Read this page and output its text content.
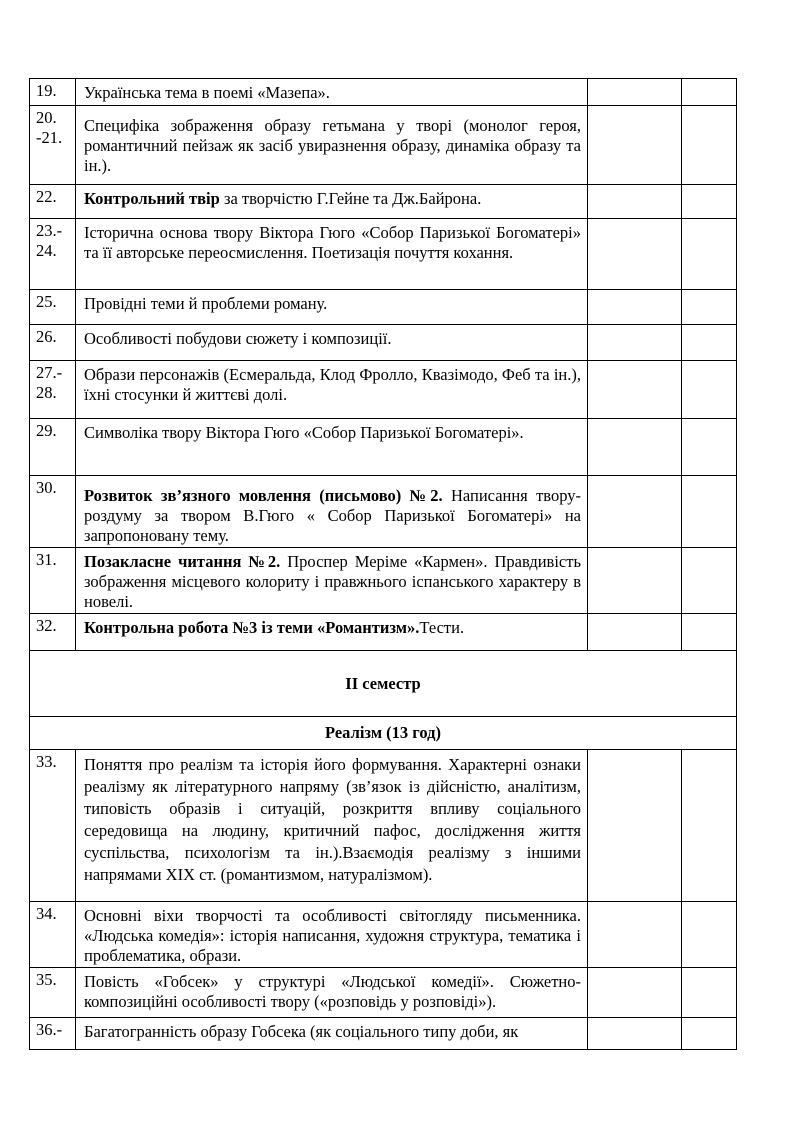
19.	Українська тема в поемі «Мазепа».		
20.
-21.	Специфіка зображення образу гетьмана у творі (монолог героя, романтичний пейзаж як засіб увиразнення образу, динаміка образу та ін.).		
22.	Контрольний твір за творчістю Г.Гейне та Дж.Байрона.		
23.-
24.	Історична основа твору Віктора Гюго «Собор Паризької Богоматері» та її авторське переосмислення. Поетизація почуття кохання.		
25.	Провідні теми й проблеми роману.		
26.	Особливості побудови сюжету і композиції.		
27.-
28.	Образи персонажів (Есмеральда, Клод Фролло, Квазімодо, Феб та ін.), їхні стосунки й життєві долі.		
29.	Символіка твору Віктора Гюго «Собор Паризької Богоматері».		
30.	Розвиток зв’язного мовлення (письмово) №2. Написання твору-роздуму за твором В.Гюго « Собор Паризької Богоматері» на запропоновану тему.		
31.	Позакласне читання №2. Проспер Меріме «Кармен». Правдивість зображення місцевого колориту і правжнього іспанського характеру в новелі.		
32.	Контрольна робота №3 із теми «Романтизм».Тести.		
ІІ семестр			
Реалізм (13 год)			
33.	Поняття про реалізм та історія його формування. Характерні ознаки реалізму як літературного напряму (зв’язок із дійсністю, аналітизм, типовість образів і ситуацій, розкриття впливу соціального середовища на людину, критичний пафос, дослідження життя суспільства, психологізм та ін.).Взаємодія реалізму з іншими напрямами ХІХ ст. (романтизмом, натуралізмом).		
34.	Основні віхи творчості та особливості світогляду письменника. «Людська комедія»: історія написання, художня структура, тематика і проблематика, образи.		
35.	Повість «Гобсек» у структурі «Людської комедії». Сюжетно-композиційні особливості твору («розповідь у розповіді»).		
36.-	Багатогранність образу Гобсека (як соціального типу доби, як		
